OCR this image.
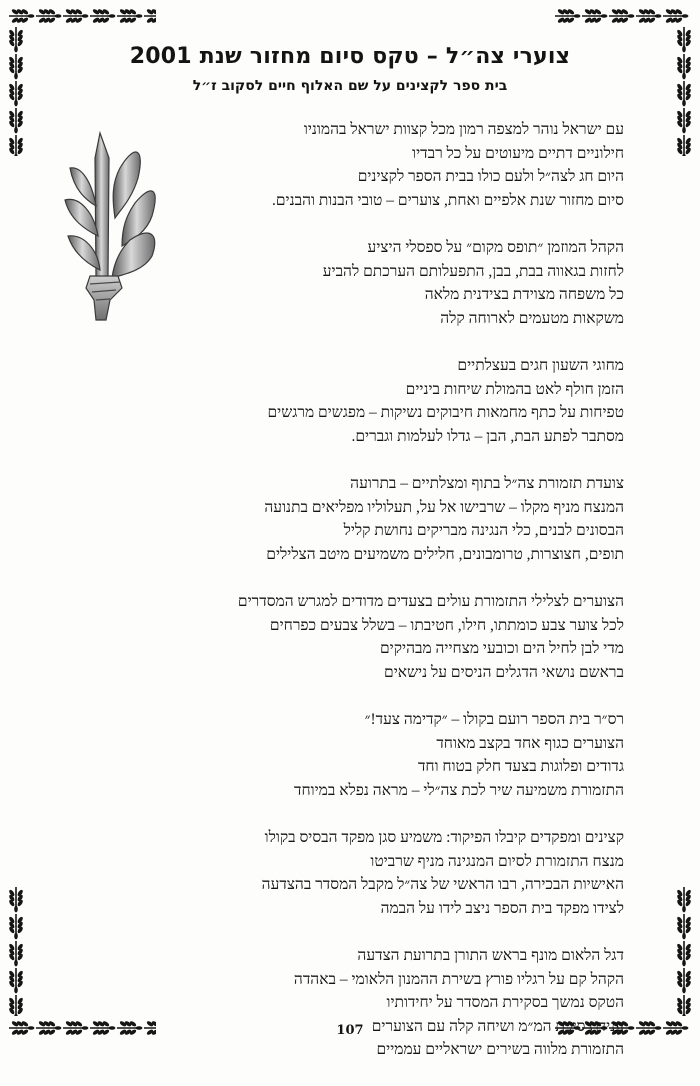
צוערי צה״ל – טקס סיום מחזור שנת 2001
בית ספר לקצינים על שם האלוף חיים לסקוב ז״ל
עם ישראל נוהר למצפה רמון מכל קצוות ישראל בהמוניו
חילוניים דתיים מיעוטים על כל רבדיו
היום חג לצה״ל ולעם כולו בבית הספר לקצינים
סיום מחזור שנת אלפיים ואחת, צוערים – טובי הבנות והבנים.
הקהל המוזמן ״תופס מקום״ על ספסלי היציע
לחזות בגאווה בבת, בבן, התפעלותם הערכתם להביע
כל משפחה מצוידת בצידנית מלאה
משקאות מטעמים לארוחה קלה
מחוגי השעון חגים בעצלתיים
הזמן חולף לאט בהמולת שיחות ביניים
טפיחות על כתף מחמאות חיבוקים נשיקות – מפגשים מרגשים
מסתבר לפתע הבת, הבן – גדלו לעלמות וגברים.
צועדת תזמורת צה״ל בתוף ומצלתיים – בתרועה
המנצח מניף מקלו – שרבישו אל על, תעלוליו מפליאים בתנועה
הבסונים לבנים, כלי הנגינה מבריקים נחושת קליל
תופים, חצוצרות, טרומבונים, חלילים משמיעים מיטב הצלילים
הצוערים לצלילי התזמורת עולים בצעדים מדודים למגרש המסדרים
לכל צוער צבע כומתתו, חילו, חטיבתו – בשלל צבעים כפרחים
מדי לבן לחיל הים וכובעי מצחייה מבהיקים
בראשם נושאי הדגלים הניסים על נישאים
רס״ר בית הספר רועם בקולו – ״קדימה צעד!״
הצוערים כגוף אחד בקצב מאוחד
גדודים ופלוגות בצעד חלק בטוח וחד
התזמורת משמיעה שיר לכת צה״לי – מראה נפלא במיוחד
קצינים ומפקדים קיבלו הפיקוד: משמיע סגן מפקד הבסיס בקולו
מנצח התזמורת לסיום המנגינה מניף שרביטו
האישיות הבכירה, רבו הראשי של צה״ל מקבל המסדר בהצדעה
לצידו מפקד בית הספר ניצב לידו על הבמה
דגל הלאום מונף בראש התורן בתרועת הצדעה
הקהל קם על רגליו פורץ בשירת ההמנון הלאומי – באהדה
הטקס נמשך בסקירת המסדר על יחידותיו
ענידת סיכת המ״מ ושיחה קלה עם הצוערים
התזמורת מלווה בשירים ישראליים עממיים
107
